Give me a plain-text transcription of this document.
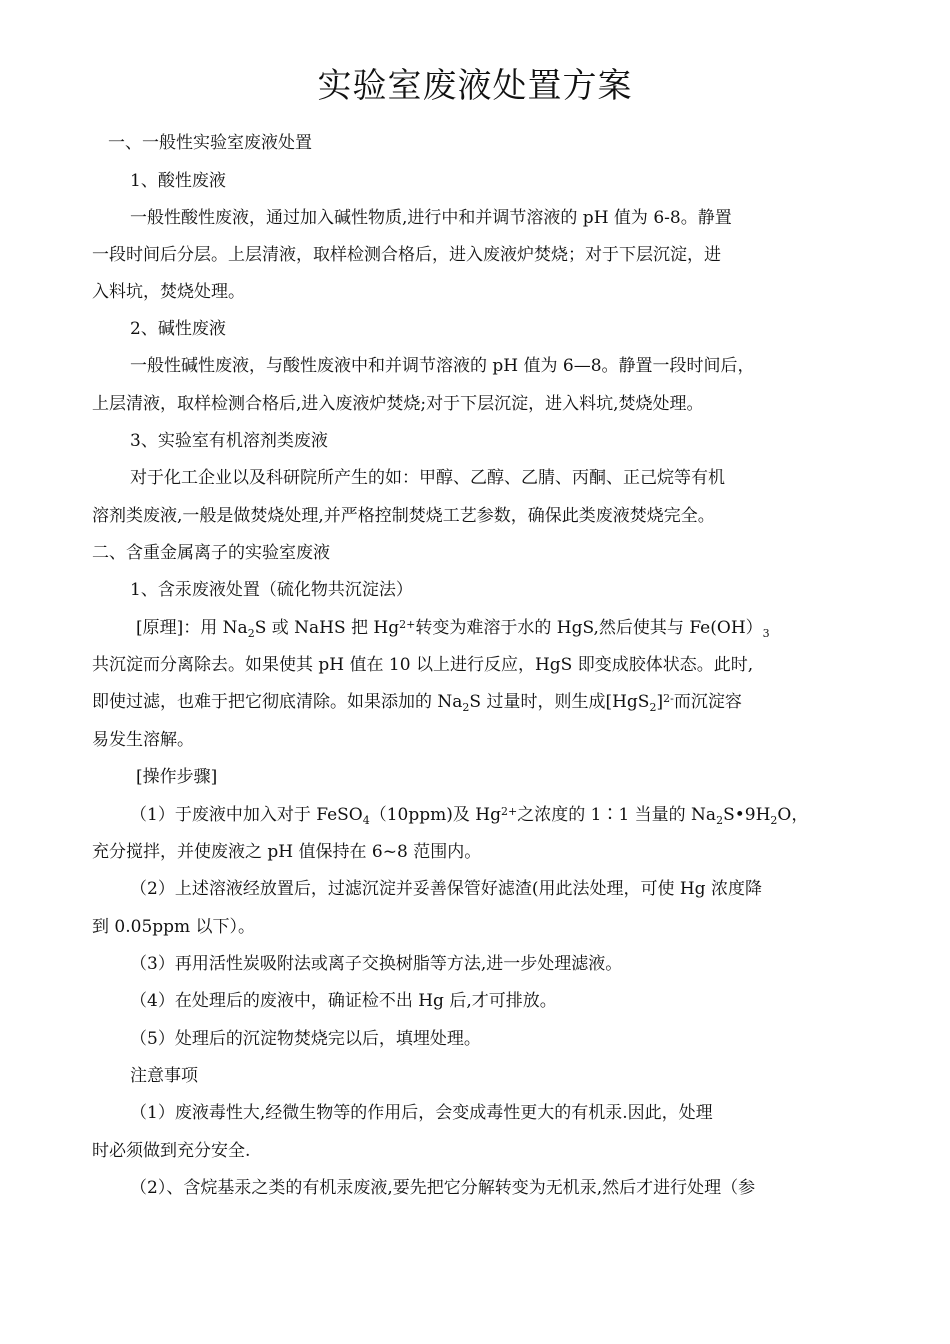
实验室废液处置方案
一、一般性实验室废液处置
1、酸性废液
一般性酸性废液，通过加入碱性物质,进行中和并调节溶液的 pH 值为 6-8。静置
一段时间后分层。上层清液，取样检测合格后，进入废液炉焚烧；对于下层沉淀，进
入料坑，焚烧处理。
2、碱性废液
一般性碱性废液，与酸性废液中和并调节溶液的 pH 值为 6—8。静置一段时间后，
上层清液，取样检测合格后,进入废液炉焚烧;对于下层沉淀，进入料坑,焚烧处理。
3、实验室有机溶剂类废液
对于化工企业以及科研院所产生的如：甲醇、乙醇、乙腈、丙酮、正己烷等有机
溶剂类废液,一般是做焚烧处理,并严格控制焚烧工艺参数，确保此类废液焚烧完全。
二、含重金属离子的实验室废液
1、含汞废液处置（硫化物共沉淀法）
[原理]：用 $Na_2S$ 或 NaHS 把 $Hg^{2+}$转变为难溶于水的 HgS,然后使其与 $Fe(OH)_3$
共沉淀而分离除去。如果使其 pH 值在 10 以上进行反应，HgS 即变成胶体状态。此时,
即使过滤，也难于把它彻底清除。如果添加的 $Na_2S$ 过量时，则生成$[HgS_2]^{2-}$而沉淀容
易发生溶解。
[操作步骤]
（1）于废液中加入对于 FeSO$_4$（10ppm)及 $Hg^{2+}$之浓度的 1∶1 当量的 $Na_2S•9H_2O$，
充分搅拌，并使废液之 pH 值保持在 6~8 范围内。
（2）上述溶液经放置后，过滤沉淀并妥善保管好滤渣(用此法处理，可使 Hg 浓度降
到 0.05ppm 以下）。
（3）再用活性炭吸附法或离子交换树脂等方法,进一步处理滤液。
（4）在处理后的废液中，确证检不出 Hg 后,才可排放。
（5）处理后的沉淀物焚烧完以后，填埋处理。
注意事项
（1）废液毒性大,经微生物等的作用后，会变成毒性更大的有机汞.因此，处理
时必须做到充分安全.
（2）、含烷基汞之类的有机汞废液,要先把它分解转变为无机汞,然后才进行处理（参
